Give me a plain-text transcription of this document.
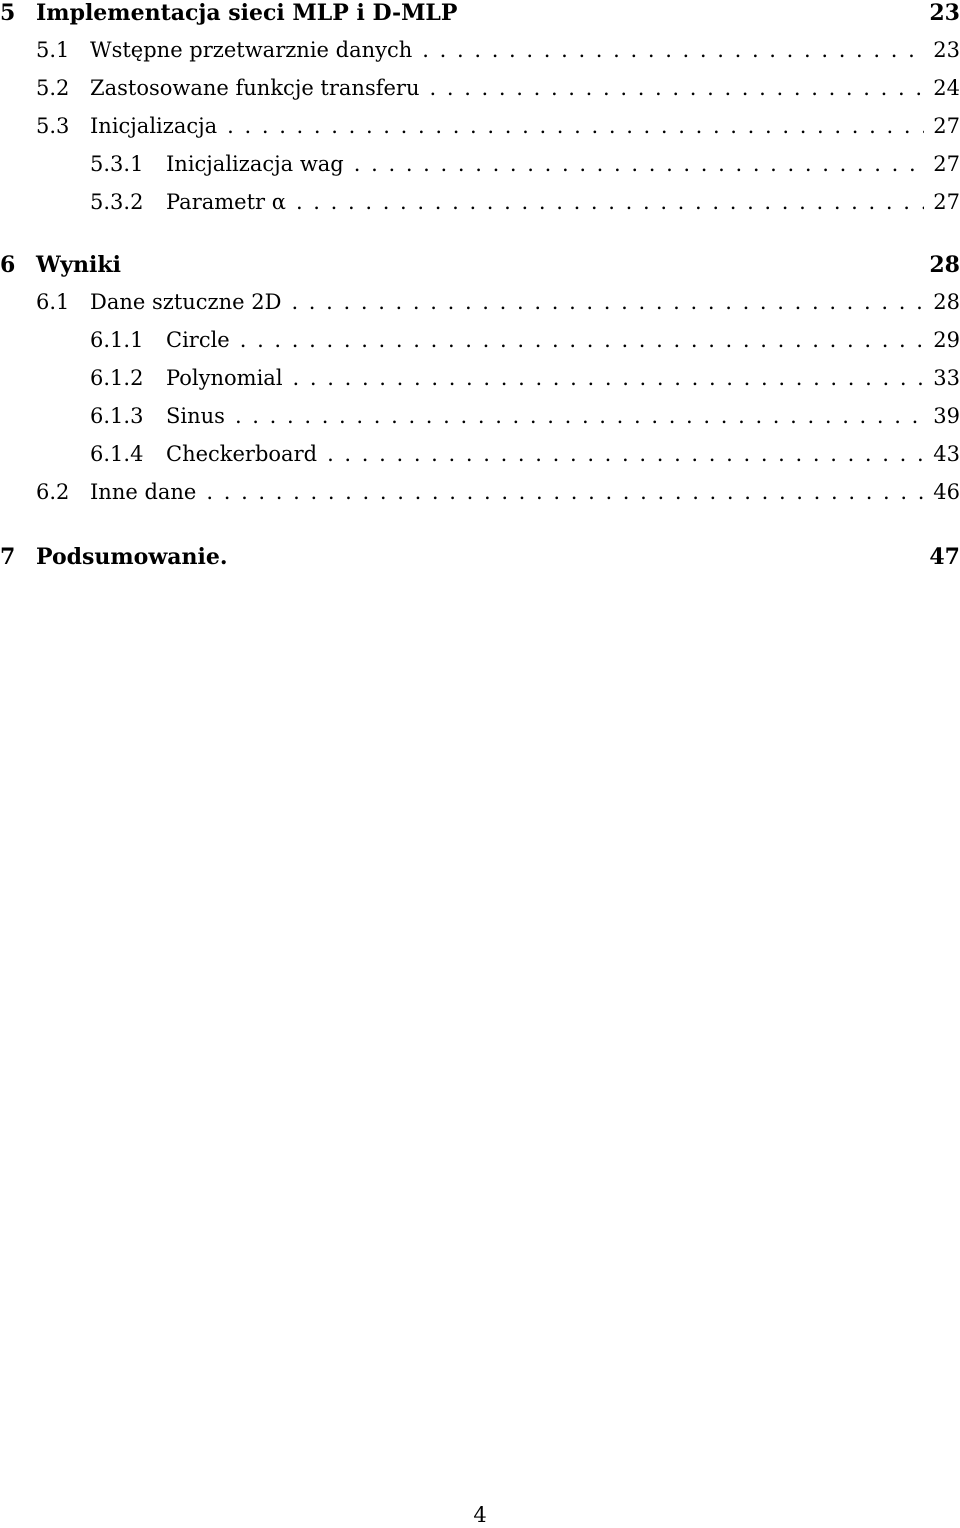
5 Implementacja sieci MLP i D-MLP	23
5.1 Wstępne przetwarznie danych . . .	23
5.2 Zastosowane funkcje transferu . . .	24
5.3 Inicjalizacja . . .	27
5.3.1	Inicjalizacja wag . . .	27
5.3.2	Parametr α . . .	27
6 Wyniki	28
6.1 Dane sztuczne 2D . . .	28
6.1.1	Circle . . .	29
6.1.2	Polynomial . . .	33
6.1.3	Sinus . . .	39
6.1.4	Checkerboard . . .	43
6.2 Inne dane . . .	46
7 Podsumowanie.	47
4
